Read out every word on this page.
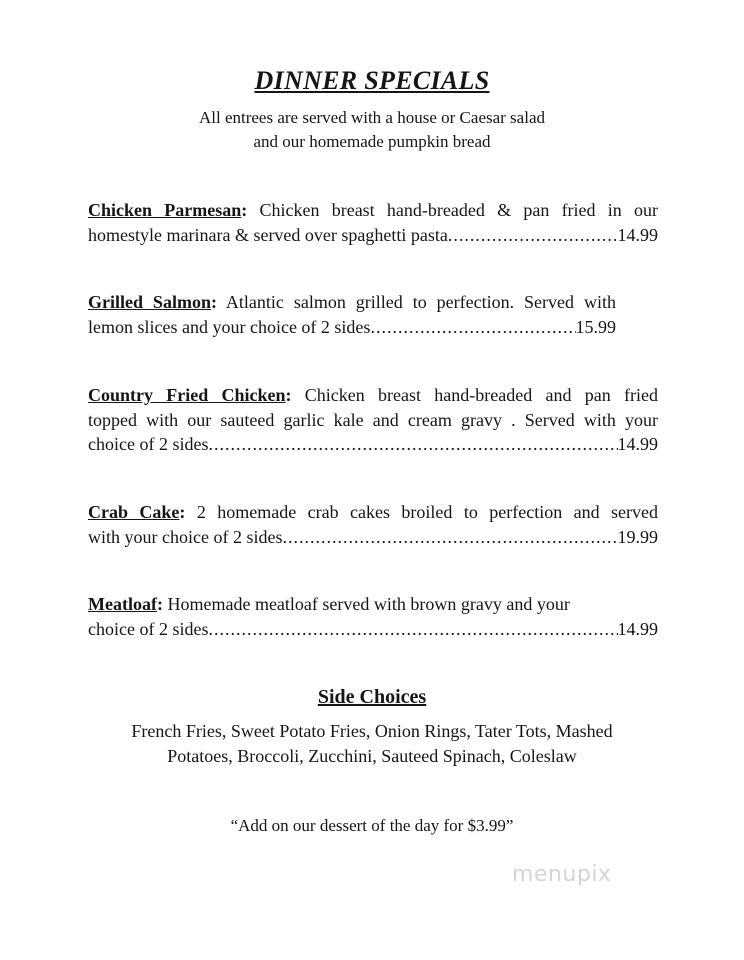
DINNER SPECIALS
All entrees are served with a house or Caesar salad
and our homemade pumpkin bread
Chicken Parmesan: Chicken breast hand-breaded & pan fried in our
homestyle marinara & served over spaghetti pasta .....	14.99
Grilled Salmon: Atlantic salmon grilled to perfection. Served with
lemon slices and your choice of 2 sides .....	15.99
Country Fried Chicken: Chicken breast hand-breaded and pan fried
topped with our sauteed garlic kale and cream gravy . Served with your
choice of 2 sides .....	14.99
Crab Cake: 2 homemade crab cakes broiled to perfection and served
with your choice of 2 sides .....	19.99
Meatloaf: Homemade meatloaf served with brown gravy and your
choice of 2 sides .....	14.99
Side Choices
French Fries, Sweet Potato Fries, Onion Rings, Tater Tots, Mashed
Potatoes, Broccoli, Zucchini, Sauteed Spinach, Coleslaw
“Add on our dessert of the day for $3.99”
menupix
